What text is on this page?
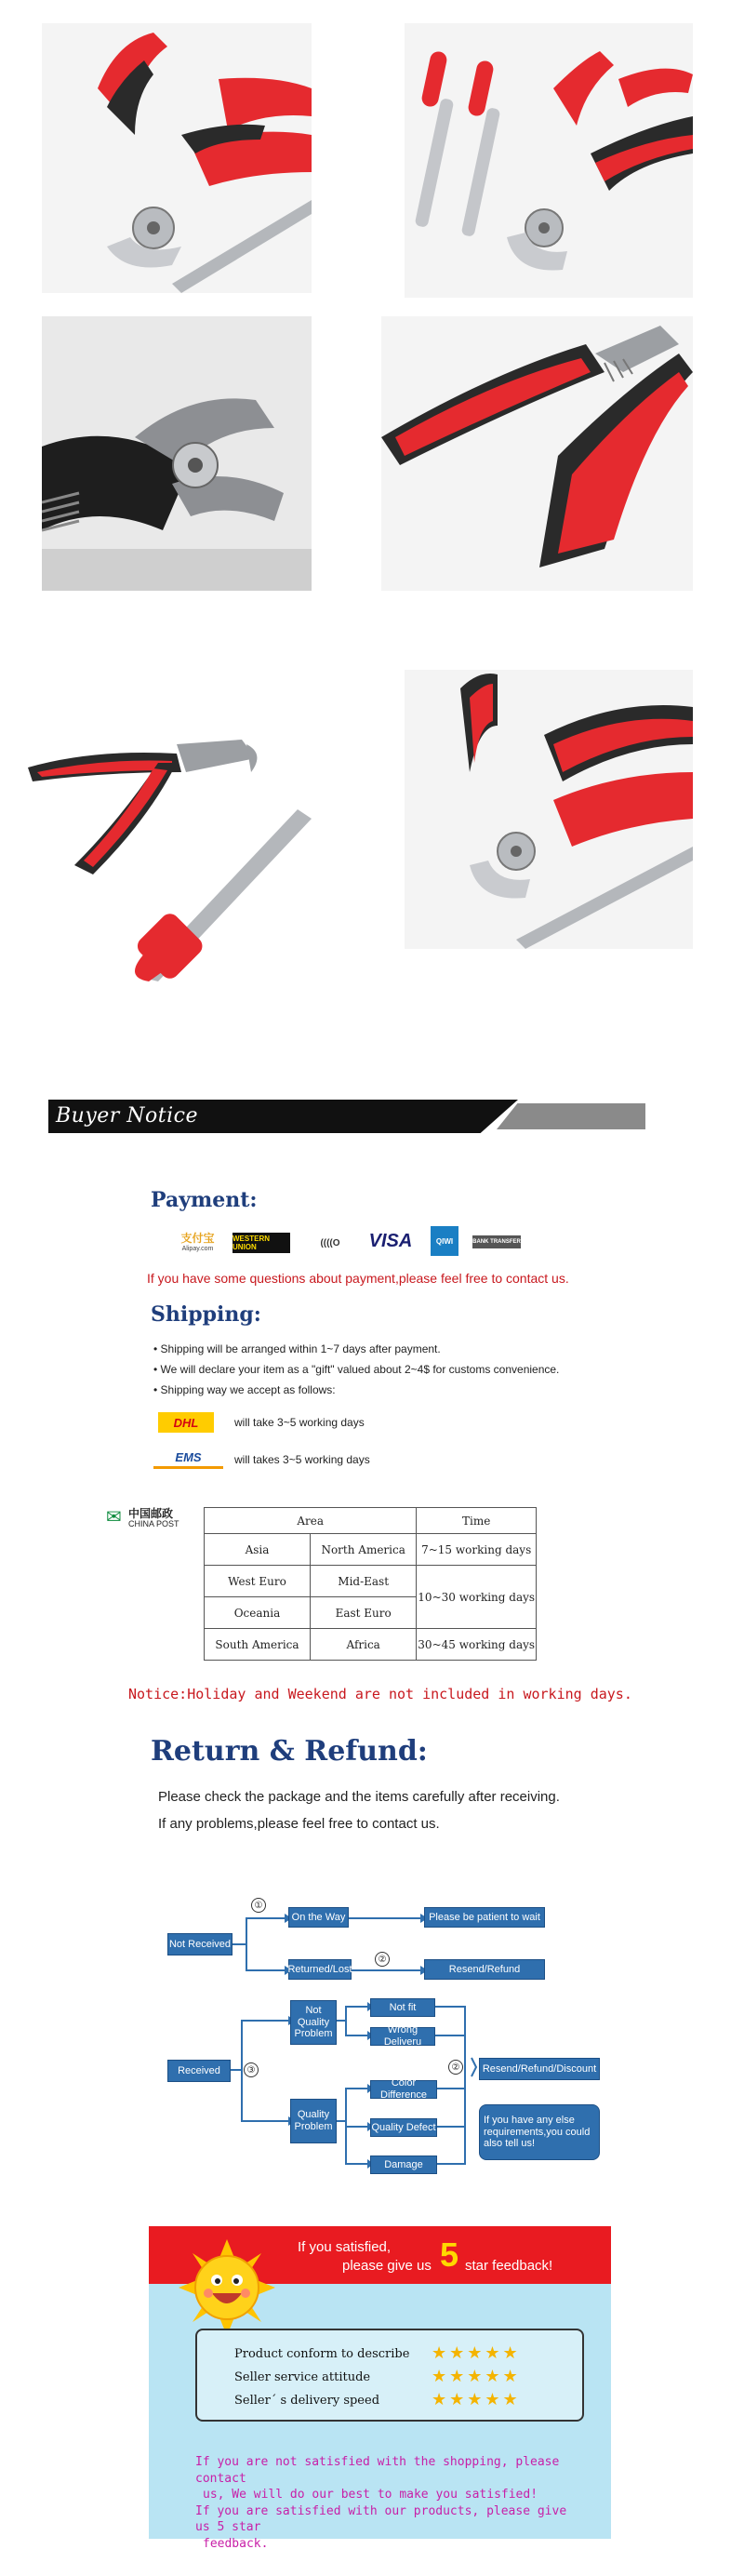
Buyer Notice
Payment:
支付宝
Alipay.com
WESTERN UNION	((((O	VISA	QIWI	BANK TRANSFER
If you have some questions about payment,please feel free to contact us.
Shipping:
• Shipping will be arranged within 1~7 days after payment.
• We will declare your item as a "gift" valued about 2~4$ for customs convenience.
• Shipping way we accept as follows:
DHL	will take 3~5 working days
EMS	will takes 3~5 working days
✉ 中国邮政
CHINA POST	Area		Time
Asia	North America	7~15 working days
West Euro	Mid-East	10~30 working days
Oceania	East Euro	
South America	Africa	30~45 working days
Notice:Holiday and Weekend are not included in working days.
Return & Refund:
Please check the package and the items carefully after receiving.
If any problems,please feel free to contact us.
Not Received
On the Way	Please be patient to wait
Returned/Lost	Resend/Refund
Received
Not Quality Problem
Not fit
Wrong Deliveru
Quality Problem
Color Difference
Quality Defect
Damage
Resend/Refund/Discount
If you have any else requirements,you could also tell us!
①
②
③	②
If you satisfied,
please give us 5 star feedback!
Product conform to describe ★★★★★
Seller service attitude	★★★★★
Seller´ s delivery speed	★★★★★
If you are not satisfied with the shopping, please contact
us, We will do our best to make you satisfied!
If you are satisfied with our products, please give us 5 star
feedback.
